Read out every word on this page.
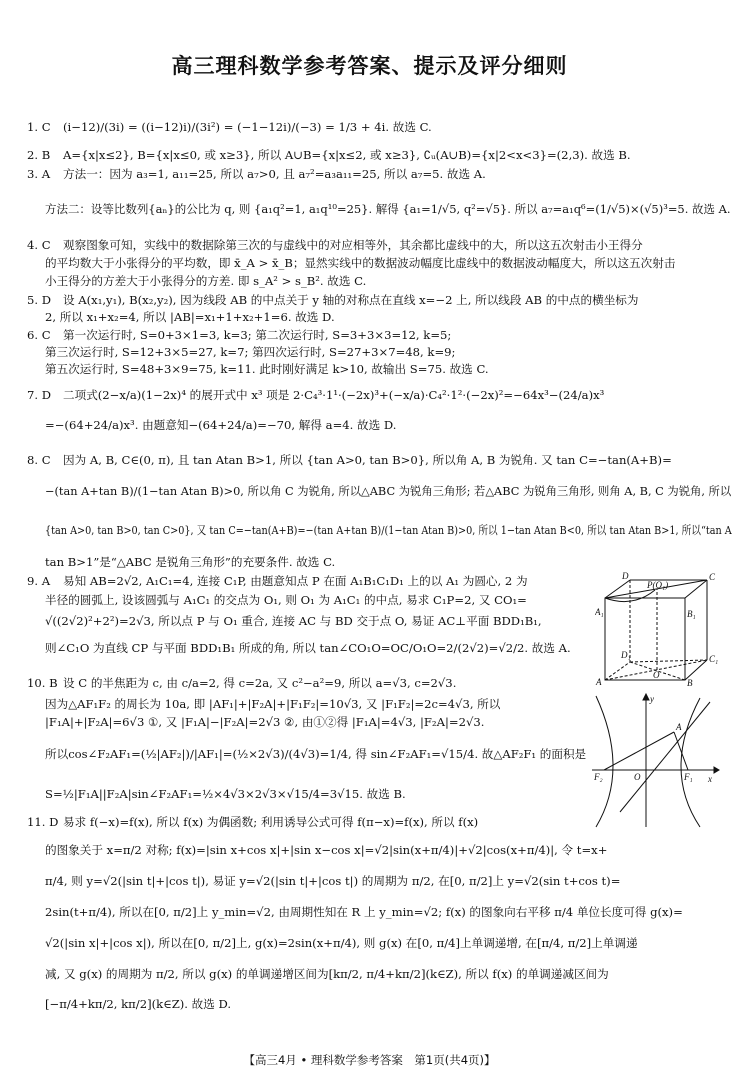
高三理科数学参考答案、提示及评分细则
1. C (i−12)/(3i) = ((i−12)i)/(3i²) = (−1−12i)/(−3) = 1/3 + 4i. 故选 C.
2. B A={x|x≤2}, B={x|x≤0, 或 x≥3}, 所以 A∪B={x|x≤2, 或 x≥3}, ∁ᵤ(A∪B)={x|2<x<3}=(2,3). 故选 B.
3. A 方法一：因为 a₃=1, a₁₁=25, 所以 a₇>0, 且 a₇²=a₃a₁₁=25, 所以 a₇=5. 故选 A.
方法二：设等比数列{aₙ}的公比为 q, 则 {a₁q²=1, a₁q¹⁰=25}. 解得 {a₁=1/√5, q²=√5}. 所以 a₇=a₁q⁶=(1/√5)×(√5)³=5. 故选 A.
4. C 观察图象可知，实线中的数据除第三次的与虚线中的对应相等外，其余都比虚线中的大，所以这五次射击小王得分
的平均数大于小张得分的平均数，即 x̄_A > x̄_B；显然实线中的数据波动幅度比虚线中的数据波动幅度大，所以这五次射击
小王得分的方差大于小张得分的方差. 即 s_A² > s_B². 故选 C.
5. D 设 A(x₁,y₁), B(x₂,y₂), 因为线段 AB 的中点关于 y 轴的对称点在直线 x=−2 上, 所以线段 AB 的中点的横坐标为
2, 所以 x₁+x₂=4, 所以 |AB|=x₁+1+x₂+1=6. 故选 D.
6. C 第一次运行时, S=0+3×1=3, k=3; 第二次运行时, S=3+3×3=12, k=5;
第三次运行时, S=12+3×5=27, k=7; 第四次运行时, S=27+3×7=48, k=9;
第五次运行时, S=48+3×9=75, k=11. 此时刚好满足 k>10, 故输出 S=75. 故选 C.
7. D 二项式(2−x/a)(1−2x)⁴ 的展开式中 x³ 项是 2·C₄³·1¹·(−2x)³+(−x/a)·C₄²·1²·(−2x)²=−64x³−(24/a)x³
=−(64+24/a)x³. 由题意知−(64+24/a)=−70, 解得 a=4. 故选 D.
8. C 因为 A, B, C∈(0, π), 且 tan Atan B>1, 所以 {tan A>0, tan B>0}, 所以角 A, B 为锐角. 又 tan C=−tan(A+B)=
−(tan A+tan B)/(1−tan Atan B)>0, 所以角 C 为锐角, 所以△ABC 为锐角三角形; 若△ABC 为锐角三角形, 则角 A, B, C 为锐角, 所以
{tan A>0, tan B>0, tan C>0}, 又 tan C=−tan(A+B)=−(tan A+tan B)/(1−tan Atan B)>0, 所以 1−tan Atan B<0, 所以 tan Atan B>1, 所以“tan A
tan B>1”是“△ABC 是锐角三角形”的充要条件. 故选 C.
9. A 易知 AB=2√2, A₁C₁=4, 连接 C₁P, 由题意知点 P 在面 A₁B₁C₁D₁ 上的以 A₁ 为圆心, 2 为
半径的圆弧上, 设该圆弧与 A₁C₁ 的交点为 O₁, 则 O₁ 为 A₁C₁ 的中点, 易求 C₁P=2, 又 CO₁=
√((2√2)²+2²)=2√3, 所以点 P 与 O₁ 重合, 连接 AC 与 BD 交于点 O, 易证 AC⊥平面 BDD₁B₁,
则∠C₁O 为直线 CP 与平面 BDD₁B₁ 所成的角, 所以 tan∠CO₁O=OC/O₁O=2/(2√2)=√2/2. 故选 A.
10. B 设 C 的半焦距为 c, 由 c/a=2, 得 c=2a, 又 c²−a²=9, 所以 a=√3, c=2√3.
因为△AF₁F₂ 的周长为 10a, 即 |AF₁|+|F₂A|+|F₁F₂|=10√3, 又 |F₁F₂|=2c=4√3, 所以
|F₁A|+|F₂A|=6√3 ①, 又 |F₁A|−|F₂A|=2√3 ②, 由①②得 |F₁A|=4√3, |F₂A|=2√3.
所以cos∠F₂AF₁=(½|AF₂|)/|AF₁|=(½×2√3)/(4√3)=1/4, 得 sin∠F₂AF₁=√15/4. 故△AF₂F₁ 的面积是
S=½|F₁A||F₂A|sin∠F₂AF₁=½×4√3×2√3×√15/4=3√15. 故选 B.
11. D 易求 f(−x)=f(x), 所以 f(x) 为偶函数; 利用诱导公式可得 f(π−x)=f(x), 所以 f(x)
的图象关于 x=π/2 对称; f(x)=|sin x+cos x|+|sin x−cos x|=√2|sin(x+π/4)|+√2|cos(x+π/4)|, 令 t=x+
π/4, 则 y=√2(|sin t|+|cos t|), 易证 y=√2(|sin t|+|cos t|) 的周期为 π/2, 在[0, π/2]上 y=√2(sin t+cos t)=
2sin(t+π/4), 所以在[0, π/2]上 y_min=√2, 由周期性知在 R 上 y_min=√2; f(x) 的图象向右平移 π/4 单位长度可得 g(x)=
√2(|sin x|+|cos x|), 所以在[0, π/2]上, g(x)=2sin(x+π/4), 则 g(x) 在[0, π/4]上单调递增, 在[π/4, π/2]上单调递
减, 又 g(x) 的周期为 π/2, 所以 g(x) 的单调递增区间为[kπ/2, π/4+kπ/2](k∈Z), 所以 f(x) 的单调递减区间为
[−π/4+kπ/2, kπ/2](k∈Z). 故选 D.
D	C
A₁	B₁
P(O₁)
D₁	C₁
O
A	B
y
A
F₂	O	F₁ x
【高三4月 • 理科数学参考答案　第1页(共4页)】
